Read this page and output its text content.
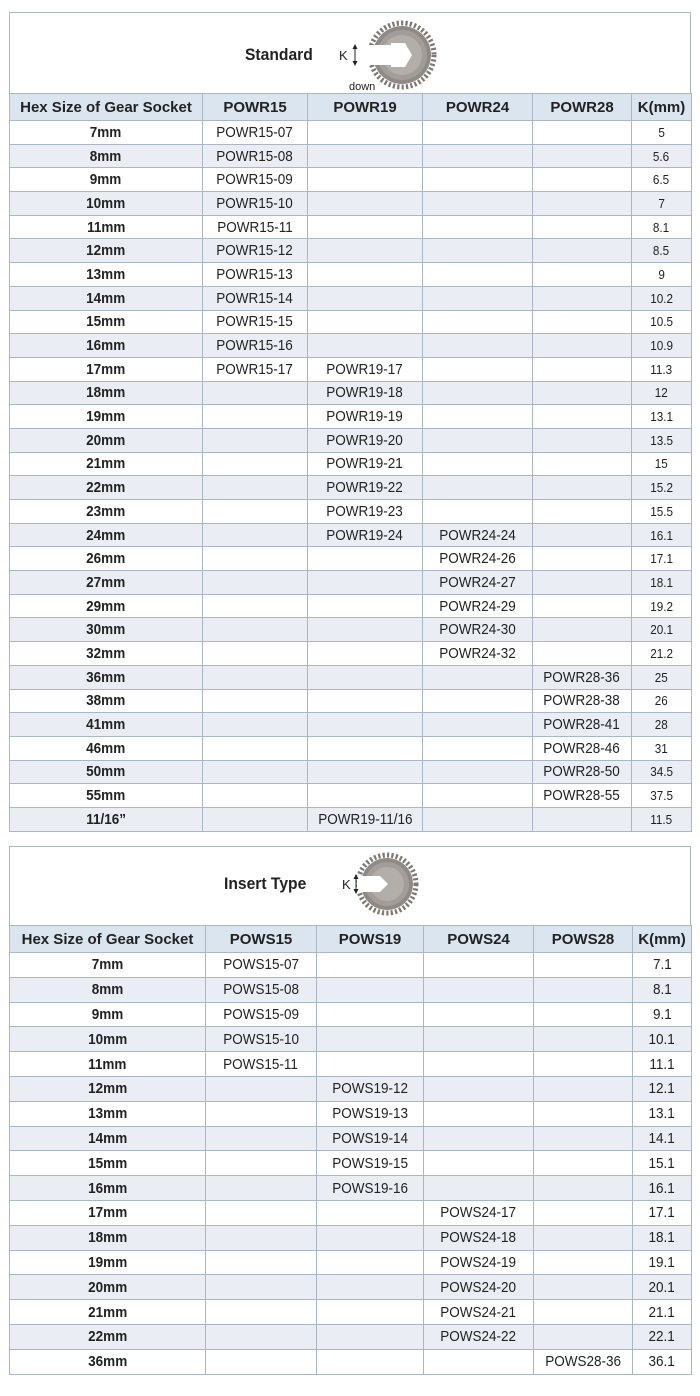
Standard K
down
Hex Size of Gear Socket	POWR15	POWR19	POWR24	POWR28	K(mm)
7mm	POWR15-07				5
8mm	POWR15-08				5.6
9mm	POWR15-09				6.5
10mm	POWR15-10				7
11mm	POWR15-11				8.1
12mm	POWR15-12				8.5
13mm	POWR15-13				9
14mm	POWR15-14				10.2
15mm	POWR15-15				10.5
16mm	POWR15-16				10.9
17mm	POWR15-17	POWR19-17			11.3
18mm		POWR19-18			12
19mm		POWR19-19			13.1
20mm		POWR19-20			13.5
21mm		POWR19-21			15
22mm		POWR19-22			15.2
23mm		POWR19-23			15.5
24mm		POWR19-24	POWR24-24		16.1
26mm			POWR24-26		17.1
27mm			POWR24-27		18.1
29mm			POWR24-29		19.2
30mm			POWR24-30		20.1
32mm			POWR24-32		21.2
36mm				POWR28-36	25
38mm				POWR28-38	26
41mm				POWR28-41	28
46mm				POWR28-46	31
50mm				POWR28-50	34.5
55mm				POWR28-55	37.5
11/16”		POWR19-11/16			11.5
Insert Type	K
Hex Size of Gear Socket	POWS15	POWS19	POWS24	POWS28	K(mm)
7mm	POWS15-07				7.1
8mm	POWS15-08				8.1
9mm	POWS15-09				9.1
10mm	POWS15-10				10.1
11mm	POWS15-11				11.1
12mm		POWS19-12			12.1
13mm		POWS19-13			13.1
14mm		POWS19-14			14.1
15mm		POWS19-15			15.1
16mm		POWS19-16			16.1
17mm			POWS24-17		17.1
18mm			POWS24-18		18.1
19mm			POWS24-19		19.1
20mm			POWS24-20		20.1
21mm			POWS24-21		21.1
22mm			POWS24-22		22.1
36mm				POWS28-36	36.1
